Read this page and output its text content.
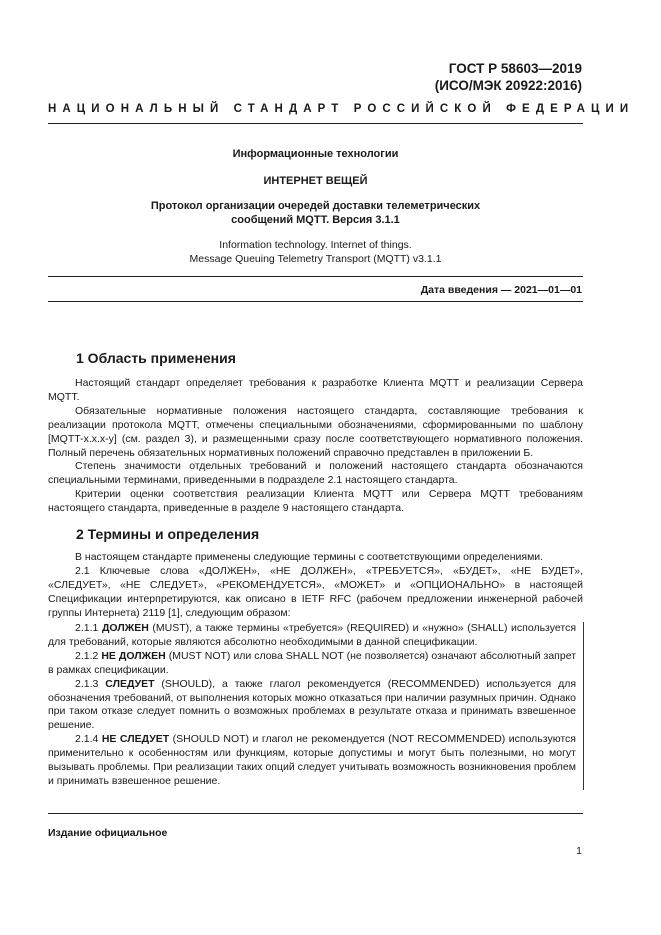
ГОСТ Р 58603—2019
(ИСО/МЭК 20922:2016)
НАЦИОНАЛЬНЫЙ СТАНДАРТ РОССИЙСКОЙ ФЕДЕРАЦИИ
Информационные технологии
ИНТЕРНЕТ ВЕЩЕЙ
Протокол организации очередей доставки телеметрических
сообщений MQTT. Версия 3.1.1
Information technology. Internet of things.
Message Queuing Telemetry Transport (MQTT) v3.1.1
Дата введения — 2021—01—01
1 Область применения

Настоящий стандарт определяет требования к разработке Клиента MQTT и реализации Сервера MQTT.

Обязательные нормативные положения настоящего стандарта, составляющие требования к реализации протокола MQTT, отмечены специальными обозначениями, сформированными по шаблону [MQTT-x.x.x-y] (см. раздел 3), и размещенными сразу после соответствующего нормативного положения. Полный перечень обязательных нормативных положений справочно представлен в приложении Б.

Степень значимости отдельных требований и положений настоящего стандарта обозначаются специальными терминами, приведенными в подразделе 2.1 настоящего стандарта.

Критерии оценки соответствия реализации Клиента MQTT или Сервера MQTT требованиям настоящего стандарта, приведенные в разделе 9 настоящего стандарта.

2 Термины и определения

В настоящем стандарте применены следующие термины с соответствующими определениями.

2.1 Ключевые слова «ДОЛЖЕН», «НЕ ДОЛЖЕН», «ТРЕБУЕТСЯ», «БУДЕТ», «НЕ БУДЕТ», «СЛЕДУЕТ», «НЕ СЛЕДУЕТ», «РЕКОМЕНДУЕТСЯ», «МОЖЕТ» и «ОПЦИОНАЛЬНО» в настоящей Спецификации интерпретируются, как описано в IETF RFC (рабочем предложении инженерной рабочей группы Интернета) 2119 [1], следующим образом:

2.1.1 ДОЛЖЕН (MUST), а также термины «требуется» (REQUIRED) и «нужно» (SHALL) используется для требований, которые являются абсолютно необходимыми в данной спецификации.

2.1.2 НЕ ДОЛЖЕН (MUST NOT) или слова SHALL NOT (не позволяется) означают абсолютный запрет в рамках спецификации.

2.1.3 СЛЕДУЕТ (SHOULD), а также глагол рекомендуется (RECOMMENDED) используется для обозначения требований, от выполнения которых можно отказаться при наличии разумных причин. Однако при таком отказе следует помнить о возможных проблемах в результате отказа и принимать взвешенное решение.

2.1.4 НЕ СЛЕДУЕТ (SHOULD NOT) и глагол не рекомендуется (NOT RECOMMENDED) используются применительно к особенностям или функциям, которые допустимы и могут быть полезными, но могут вызывать проблемы. При реализации таких опций следует учитывать возможность возникновения проблем и принимать взвешенное решение.

Издание официальное
1
